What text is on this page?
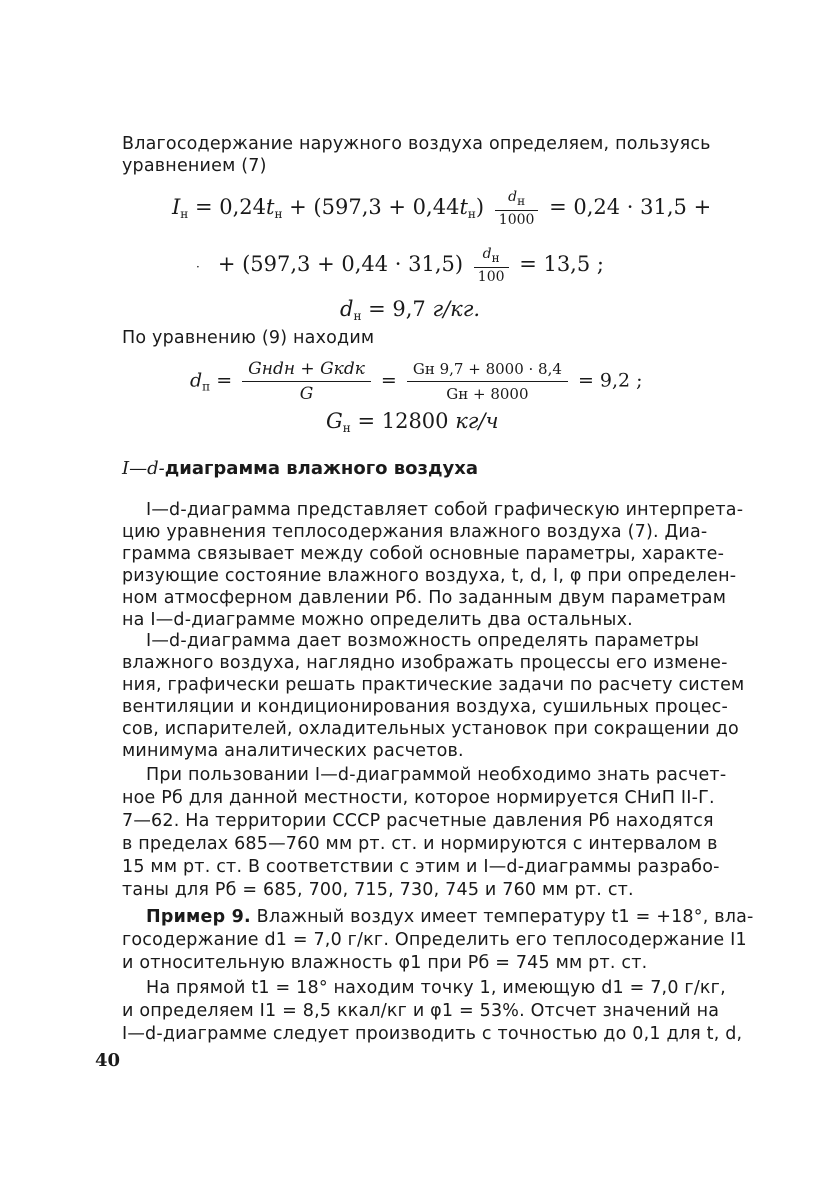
Влагосодержание наружного воздуха определяем, пользуясь
уравнением (7)
$I_н = 0,24t_н + (597,3 + 0,44t_н) \frac{dн}{1000} = 0,24 \cdot 31,5$ +
· + $(597,3 + 0,44 \cdot 31,5) \frac{dн}{100} = 13,5$ ;
$d_н = 9,7$ г/кг.
По уравнению (9) находим
$d_п = \frac{\text{Gнdн + Gкdк}}{G} = \frac{Gн 9,7 + 8000 \cdot 8,4}{Gн + 8000} = 9,2$ ;
$G_н = 12800$ кг/ч
I—d-диаграмма влажного воздуха
I—d-диаграмма представляет собой графическую интерпрета-
цию уравнения теплосодержания влажного воздуха (7). Диа-
грамма связывает между собой основные параметры, характе-
ризующие состояние влажного воздуха, t, d, I, φ при определен-
ном атмосферном давлении Pб. По заданным двум параметрам
на I—d-диаграмме можно определить два остальных.
I—d-диаграмма дает возможность определять параметры
влажного воздуха, наглядно изображать процессы его измене-
ния, графически решать практические задачи по расчету систем
вентиляции и кондиционирования воздуха, сушильных процес-
сов, испарителей, охладительных установок при сокращении до
минимума аналитических расчетов.
При пользовании I—d-диаграммой необходимо знать расчет-
ное Pб для данной местности, которое нормируется СНиП II-Г.
7—62. На территории СССР расчетные давления Pб находятся
в пределах 685—760 мм рт. ст. и нормируются с интервалом в
15 мм рт. ст. В соответствии с этим и I—d-диаграммы разрабо-
таны для Pб = 685, 700, 715, 730, 745 и 760 мм рт. ст.
Пример 9. Влажный воздух имеет температуру t1 = +18°, вла-
госодержание d1 = 7,0 г/кг. Определить его теплосодержание I1
и относительную влажность φ1 при Pб = 745 мм рт. ст.
На прямой t1 = 18° находим точку 1, имеющую d1 = 7,0 г/кг,
и определяем I1 = 8,5 ккал/кг и φ1 = 53%. Отсчет значений на
I—d-диаграмме следует производить с точностью до 0,1 для t, d,
40
